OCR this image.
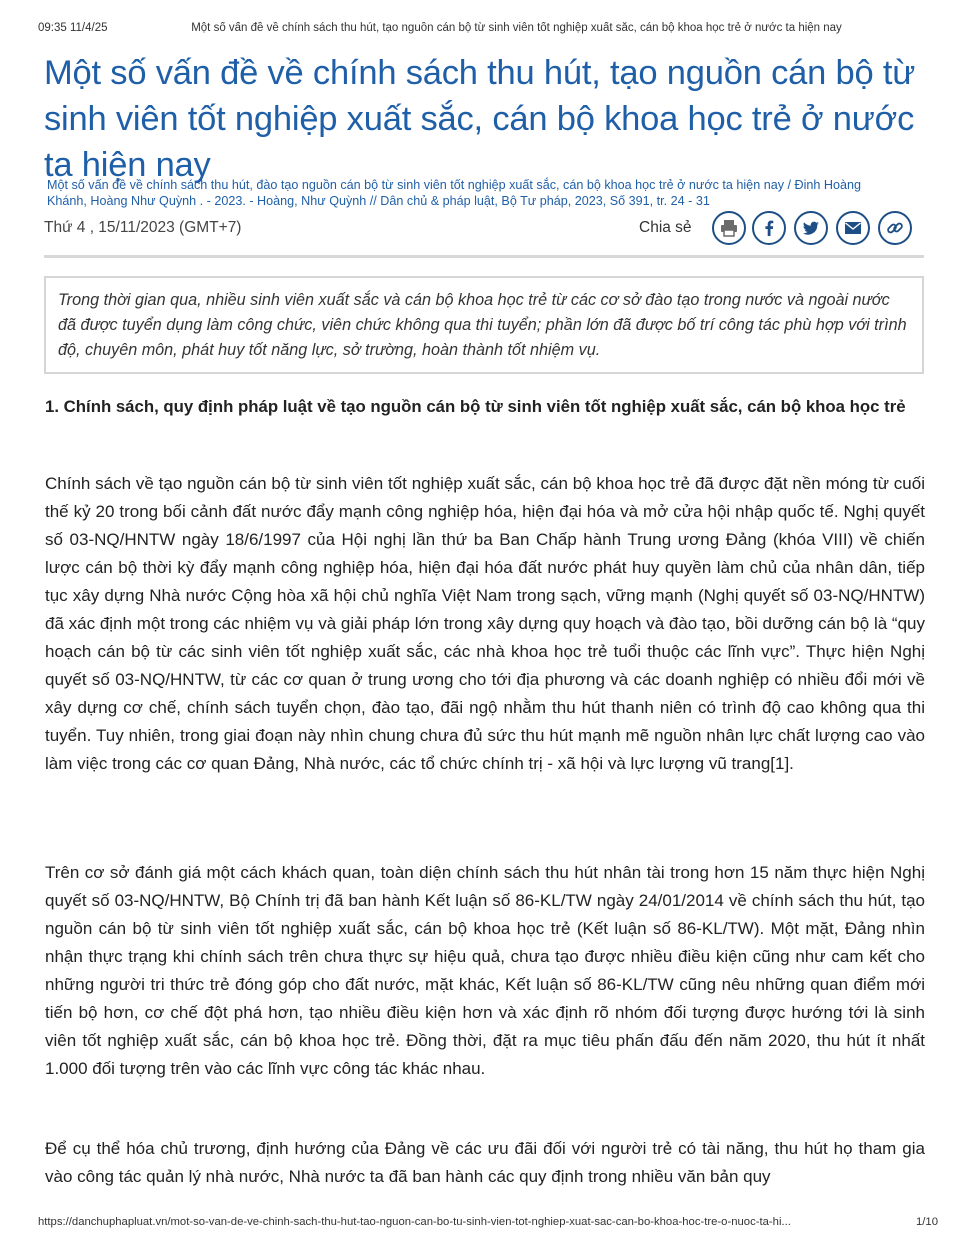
09:35 11/4/25	Một số vấn đề về chính sách thu hút, tạo nguồn cán bộ từ sinh viên tốt nghiệp xuất sắc, cán bộ khoa học trẻ ở nước ta hiện nay
Một số vấn đề về chính sách thu hút, tạo nguồn cán bộ từ sinh viên tốt nghiệp xuất sắc, cán bộ khoa học trẻ ở nước ta hiện nay
Một số vấn đề về chính sách thu hút, đào tạo nguồn cán bộ từ sinh viên tốt nghiệp xuất sắc, cán bộ khoa học trẻ ở nước ta hiện nay / Đinh Hoàng
Khánh, Hoàng Như Quỳnh . - 2023. - Hoàng, Như Quỳnh // Dân chủ & pháp luật, Bộ Tư pháp, 2023, Số 391, tr. 24 - 31
Thứ 4 , 15/11/2023 (GMT+7)	Chia sẻ
Trong thời gian qua, nhiều sinh viên xuất sắc và cán bộ khoa học trẻ từ các cơ sở đào tạo trong nước và ngoài nước đã được tuyển dụng làm công chức, viên chức không qua thi tuyển; phần lớn đã được bố trí công tác phù hợp với trình độ, chuyên môn, phát huy tốt năng lực, sở trường, hoàn thành tốt nhiệm vụ.
1. Chính sách, quy định pháp luật về tạo nguồn cán bộ từ sinh viên tốt nghiệp xuất sắc, cán bộ khoa học trẻ

Chính sách về tạo nguồn cán bộ từ sinh viên tốt nghiệp xuất sắc, cán bộ khoa học trẻ đã được đặt nền móng từ cuối thế kỷ 20 trong bối cảnh đất nước đẩy mạnh công nghiệp hóa, hiện đại hóa và mở cửa hội nhập quốc tế. Nghị quyết số 03-NQ/HNTW ngày 18/6/1997 của Hội nghị lần thứ ba Ban Chấp hành Trung ương Đảng (khóa VIII) về chiến lược cán bộ thời kỳ đẩy mạnh công nghiệp hóa, hiện đại hóa đất nước phát huy quyền làm chủ của nhân dân, tiếp tục xây dựng Nhà nước Cộng hòa xã hội chủ nghĩa Việt Nam trong sạch, vững mạnh (Nghị quyết số 03-NQ/HNTW) đã xác định một trong các nhiệm vụ và giải pháp lớn trong xây dựng quy hoạch và đào tạo, bồi dưỡng cán bộ là “quy hoạch cán bộ từ các sinh viên tốt nghiệp xuất sắc, các nhà khoa học trẻ tuổi thuộc các lĩnh vực”. Thực hiện Nghị quyết số 03-NQ/HNTW, từ các cơ quan ở trung ương cho tới địa phương và các doanh nghiệp có nhiều đổi mới về xây dựng cơ chế, chính sách tuyển chọn, đào tạo, đãi ngộ nhằm thu hút thanh niên có trình độ cao không qua thi tuyển. Tuy nhiên, trong giai đoạn này nhìn chung chưa đủ sức thu hút mạnh mẽ nguồn nhân lực chất lượng cao vào làm việc trong các cơ quan Đảng, Nhà nước, các tổ chức chính trị - xã hội và lực lượng vũ trang[1].

Trên cơ sở đánh giá một cách khách quan, toàn diện chính sách thu hút nhân tài trong hơn 15 năm thực hiện Nghị quyết số 03-NQ/HNTW, Bộ Chính trị đã ban hành Kết luận số 86-KL/TW ngày 24/01/2014 về chính sách thu hút, tạo nguồn cán bộ từ sinh viên tốt nghiệp xuất sắc, cán bộ khoa học trẻ (Kết luận số 86-KL/TW). Một mặt, Đảng nhìn nhận thực trạng khi chính sách trên chưa thực sự hiệu quả, chưa tạo được nhiều điều kiện cũng như cam kết cho những người tri thức trẻ đóng góp cho đất nước, mặt khác, Kết luận số 86-KL/TW cũng nêu những quan điểm mới tiến bộ hơn, cơ chế đột phá hơn, tạo nhiều điều kiện hơn và xác định rõ nhóm đối tượng được hướng tới là sinh viên tốt nghiệp xuất sắc, cán bộ khoa học trẻ. Đồng thời, đặt ra mục tiêu phấn đấu đến năm 2020, thu hút ít nhất 1.000 đối tượng trên vào các lĩnh vực công tác khác nhau.

Để cụ thể hóa chủ trương, định hướng của Đảng về các ưu đãi đối với người trẻ có tài năng, thu hút họ tham gia vào công tác quản lý nhà nước, Nhà nước ta đã ban hành các quy định trong nhiều văn bản quy

https://danchuphapluat.vn/mot-so-van-de-ve-chinh-sach-thu-hut-tao-nguon-can-bo-tu-sinh-vien-tot-nghiep-xuat-sac-can-bo-khoa-hoc-tre-o-nuoc-ta-hi...	1/10
